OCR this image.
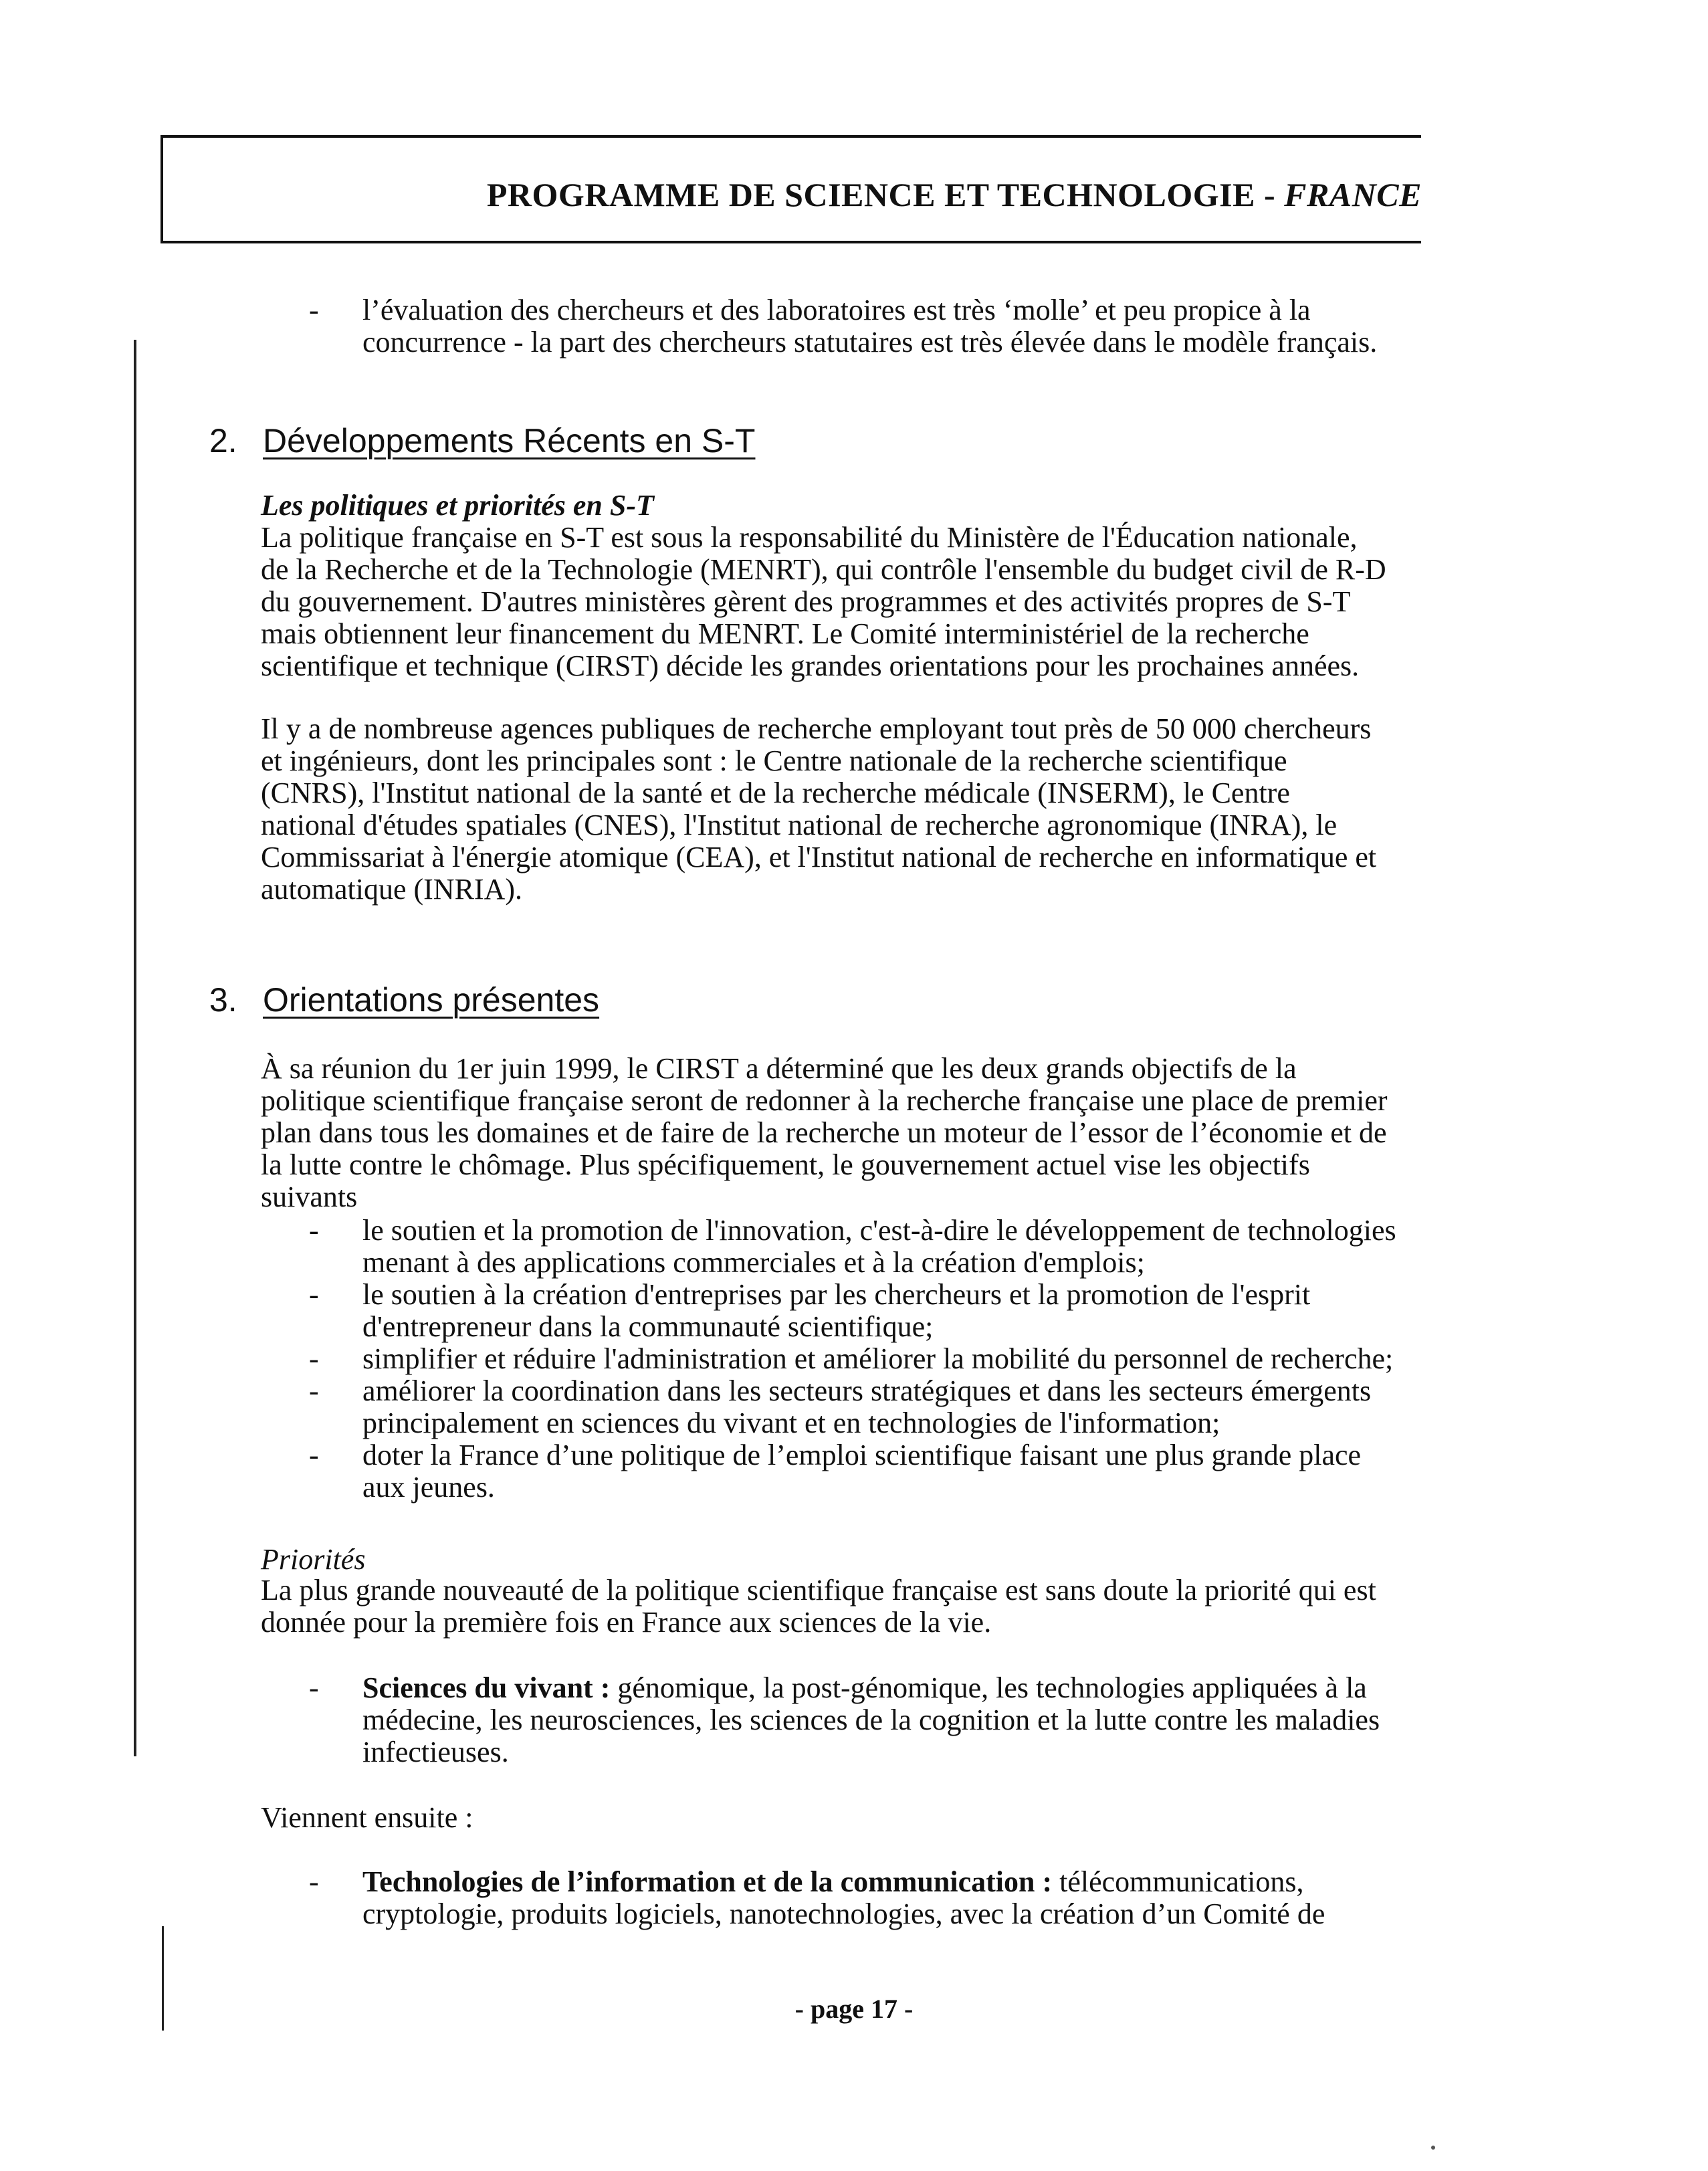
PROGRAMME DE SCIENCE ET TECHNOLOGIE - FRANCE
- l’évaluation des chercheurs et des laboratoires est très ‘molle’ et peu propice à la concurrence - la part des chercheurs statutaires est très élevée dans le modèle français.

2. Développements Récents en S-T
Les politiques et priorités en S-T

La politique française en S-T est sous la responsabilité du Ministère de l'Éducation nationale, de la Recherche et de la Technologie (MENRT), qui contrôle l'ensemble du budget civil de R-D du gouvernement. D'autres ministères gèrent des programmes et des activités propres de S-T mais obtiennent leur financement du MENRT. Le Comité interministériel de la recherche scientifique et technique (CIRST) décide les grandes orientations pour les prochaines années.

Il y a de nombreuse agences publiques de recherche employant tout près de 50 000 chercheurs et ingénieurs, dont les principales sont : le Centre nationale de la recherche scientifique (CNRS), l'Institut national de la santé et de la recherche médicale (INSERM), le Centre national d'études spatiales (CNES), l'Institut national de recherche agronomique (INRA), le Commissariat à l'énergie atomique (CEA), et l'Institut national de recherche en informatique et automatique (INRIA).

3. Orientations présentes

À sa réunion du 1er juin 1999, le CIRST a déterminé que les deux grands objectifs de la politique scientifique française seront de redonner à la recherche française une place de premier plan dans tous les domaines et de faire de la recherche un moteur de l’essor de l’économie et de la lutte contre le chômage. Plus spécifiquement, le gouvernement actuel vise les objectifs suivants

- le soutien et la promotion de l'innovation, c'est-à-dire le développement de technologies menant à des applications commerciales et à la création d'emplois;

- le soutien à la création d'entreprises par les chercheurs et la promotion de l'esprit d'entrepreneur dans la communauté scientifique;

- simplifier et réduire l'administration et améliorer la mobilité du personnel de recherche;

- améliorer la coordination dans les secteurs stratégiques et dans les secteurs émergents principalement en sciences du vivant et en technologies de l'information;

- doter la France d’une politique de l’emploi scientifique faisant une plus grande place aux jeunes.

Priorités

La plus grande nouveauté de la politique scientifique française est sans doute la priorité qui est donnée pour la première fois en France aux sciences de la vie.

- Sciences du vivant : génomique, la post-génomique, les technologies appliquées à la médecine, les neurosciences, les sciences de la cognition et la lutte contre les maladies infectieuses.

Viennent ensuite :

- Technologies de l’information et de la communication : télécommunications, cryptologie, produits logiciels, nanotechnologies, avec la création d’un Comité de

- page 17 -
